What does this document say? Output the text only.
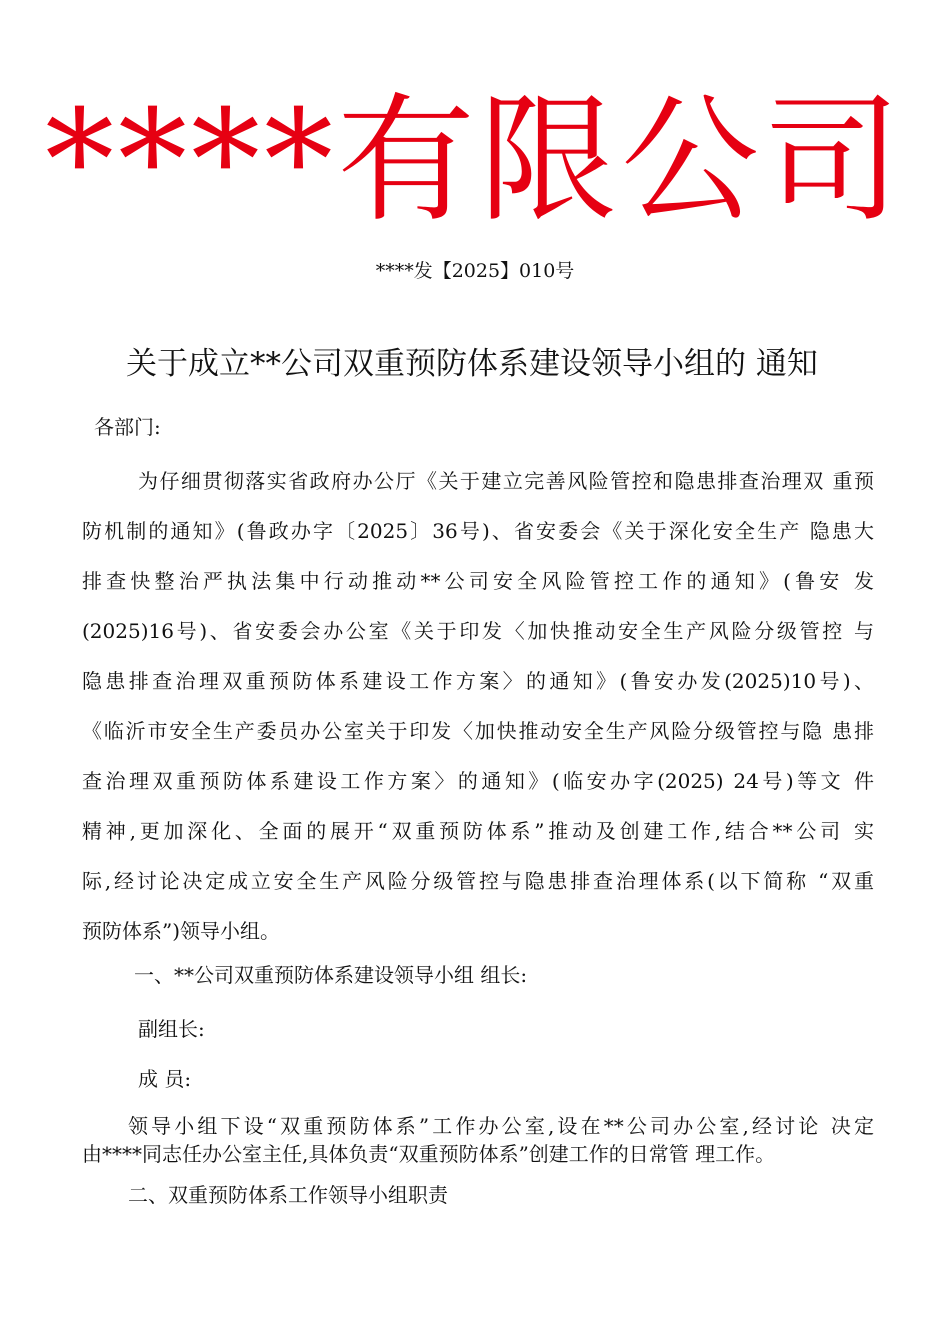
****有限公司
****发【2025】010号
关于成立**公司双重预防体系建设领导小组的 通知
各部门:
为仔细贯彻落实省政府办公厅《关于建立完善风险管控和隐患排查治理双 重预
防机制的通知》(鲁政办字〔2025〕36号)、省安委会《关于深化安全生产 隐患大
排查快整治严执法集中行动推动**公司安全风险管控工作的通知》(鲁安 发
(2025)16号)、省安委会办公室《关于印发〈加快推动安全生产风险分级管控 与
隐患排查治理双重预防体系建设工作方案〉的通知》(鲁安办发(2025)10号)、
《临沂市安全生产委员办公室关于印发〈加快推动安全生产风险分级管控与隐 患排
查治理双重预防体系建设工作方案〉的通知》(临安办字(2025) 24号)等文 件
精神,更加深化、全面的展开“双重预防体系”推动及创建工作,结合**公司 实
际,经讨论决定成立安全生产风险分级管控与隐患排查治理体系(以下简称 “双重
预防体系”)领导小组。
一、**公司双重预防体系建设领导小组 组长:
副组长:
成 员:
领导小组下设“双重预防体系”工作办公室,设在**公司办公室,经讨论 决定
由****同志任办公室主任,具体负责“双重预防体系”创建工作的日常管 理工作。
二、双重预防体系工作领导小组职责
